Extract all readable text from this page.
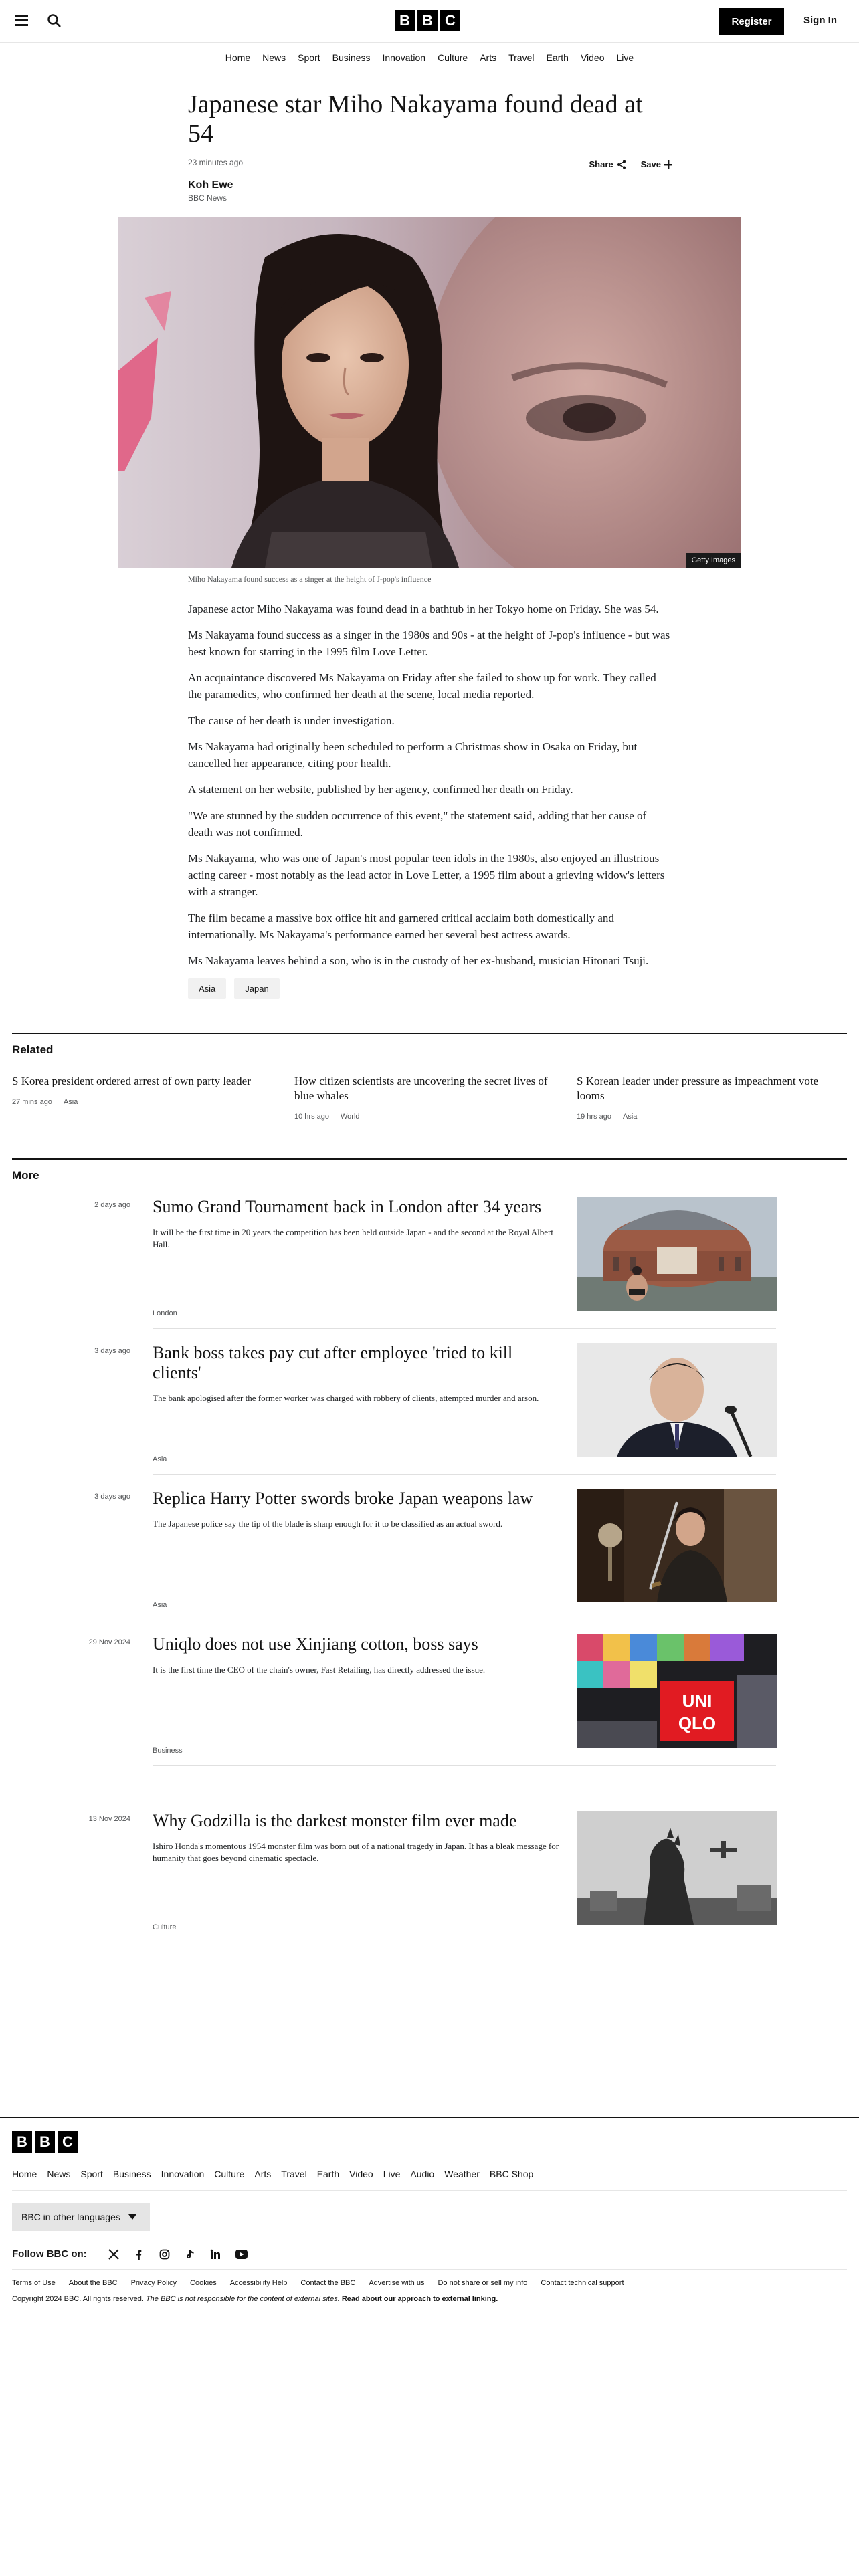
B B C	Register	Sign In
Home News Sport Business Innovation Culture Arts Travel Earth Video Live
Japanese star Miho Nakayama found dead at 54
23 minutes ago	Share	Save
Koh Ewe
BBC News
Getty Images
Miho Nakayama found success as a singer at the height of J-pop's influence

Japanese actor Miho Nakayama was found dead in a bathtub in her Tokyo home on Friday. She was 54.

Ms Nakayama found success as a singer in the 1980s and 90s - at the height of J-pop's influence - but was best known for starring in the 1995 film Love Letter.

An acquaintance discovered Ms Nakayama on Friday after she failed to show up for work. They called the paramedics, who confirmed her death at the scene, local media reported.

The cause of her death is under investigation.

Ms Nakayama had originally been scheduled to perform a Christmas show in Osaka on Friday, but cancelled her appearance, citing poor health.

A statement on her website, published by her agency, confirmed her death on Friday.

"We are stunned by the sudden occurrence of this event," the statement said, adding that her cause of death was not confirmed.

Ms Nakayama, who was one of Japan's most popular teen idols in the 1980s, also enjoyed an illustrious acting career - most notably as the lead actor in Love Letter, a 1995 film about a grieving widow's letters with a stranger.

The film became a massive box office hit and garnered critical acclaim both domestically and internationally. Ms Nakayama's performance earned her several best actress awards.

Ms Nakayama leaves behind a son, who is in the custody of her ex-husband, musician Hitonari Tsuji.

Asia	Japan
Related
S Korea president ordered arrest of own party leader
27 mins ago Asia
How citizen scientists are uncovering the secret lives of blue whales
10 hrs ago World
S Korean leader under pressure as impeachment vote looms
19 hrs ago Asia
More
2 days ago Sumo Grand Tournament back in London after 34 years
It will be the first time in 20 years the competition has been held outside Japan - and the second at the Royal Albert Hall.
London
3 days ago Bank boss takes pay cut after employee 'tried to kill clients'
The bank apologised after the former worker was charged with robbery of clients, attempted murder and arson.
Asia
3 days ago Replica Harry Potter swords broke Japan weapons law
The Japanese police say the tip of the blade is sharp enough for it to be classified as an actual sword.
Asia
29 Nov 2024 Uniqlo does not use Xinjiang cotton, boss says
It is the first time the CEO of the chain's owner, Fast Retailing, has directly addressed the issue.
Business
UNI
QLO
13 Nov 2024 Why Godzilla is the darkest monster film ever made
Ishirō Honda's momentous 1954 monster film was born out of a national tragedy in Japan. It has a bleak message for humanity that goes beyond cinematic spectacle.
Culture
B B C
Home News Sport Business Innovation Culture Arts Travel Earth Video Live Audio Weather BBC Shop
BBC in other languages
Follow BBC on:
Terms of Use About the BBC Privacy Policy Cookies Accessibility Help Contact the BBC Advertise with us Do not share or sell my info Contact technical support
Copyright 2024 BBC. All rights reserved. The BBC is not responsible for the content of external sites. Read about our approach to external linking.
